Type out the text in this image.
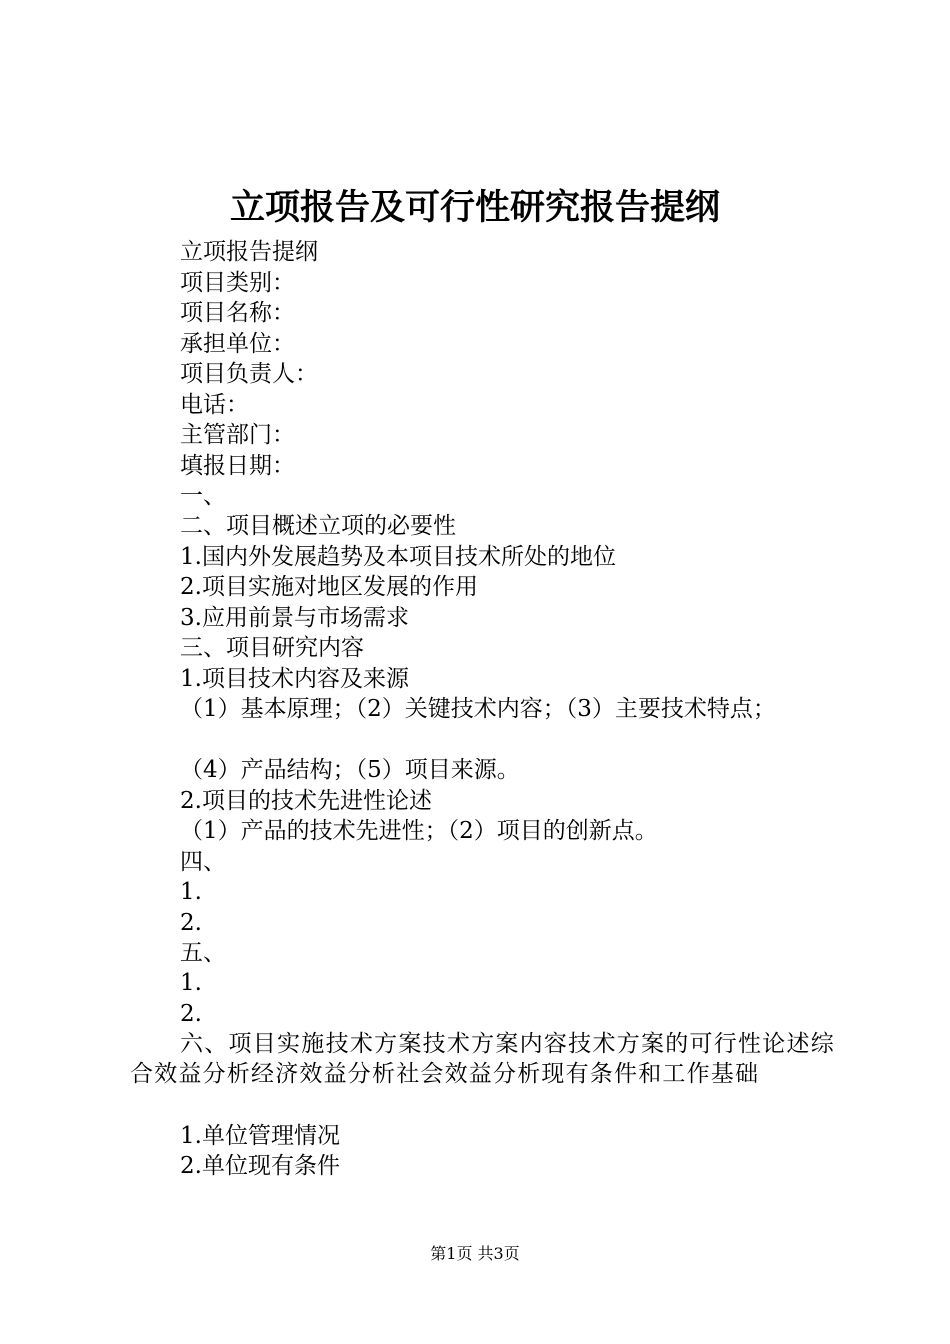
立项报告及可行性研究报告提纲
立项报告提纲
项目类别：
项目名称：
承担单位：
项目负责人：
电话：
主管部门：
填报日期：
一、
二、项目概述立项的必要性
1.国内外发展趋势及本项目技术所处的地位
2.项目实施对地区发展的作用
3.应用前景与市场需求
三、项目研究内容
1.项目技术内容及来源
（1）基本原理；（2）关键技术内容；（3）主要技术特点；
（4）产品结构；（5）项目来源。
2.项目的技术先进性论述
（1）产品的技术先进性；（2）项目的创新点。
四、
1.
2.
五、
1.
2.
六、项目实施技术方案技术方案内容技术方案的可行性论述综合效益分析经济效益分析社会效益分析现有条件和工作基础
1.单位管理情况
2.单位现有条件
第1页 共3页
